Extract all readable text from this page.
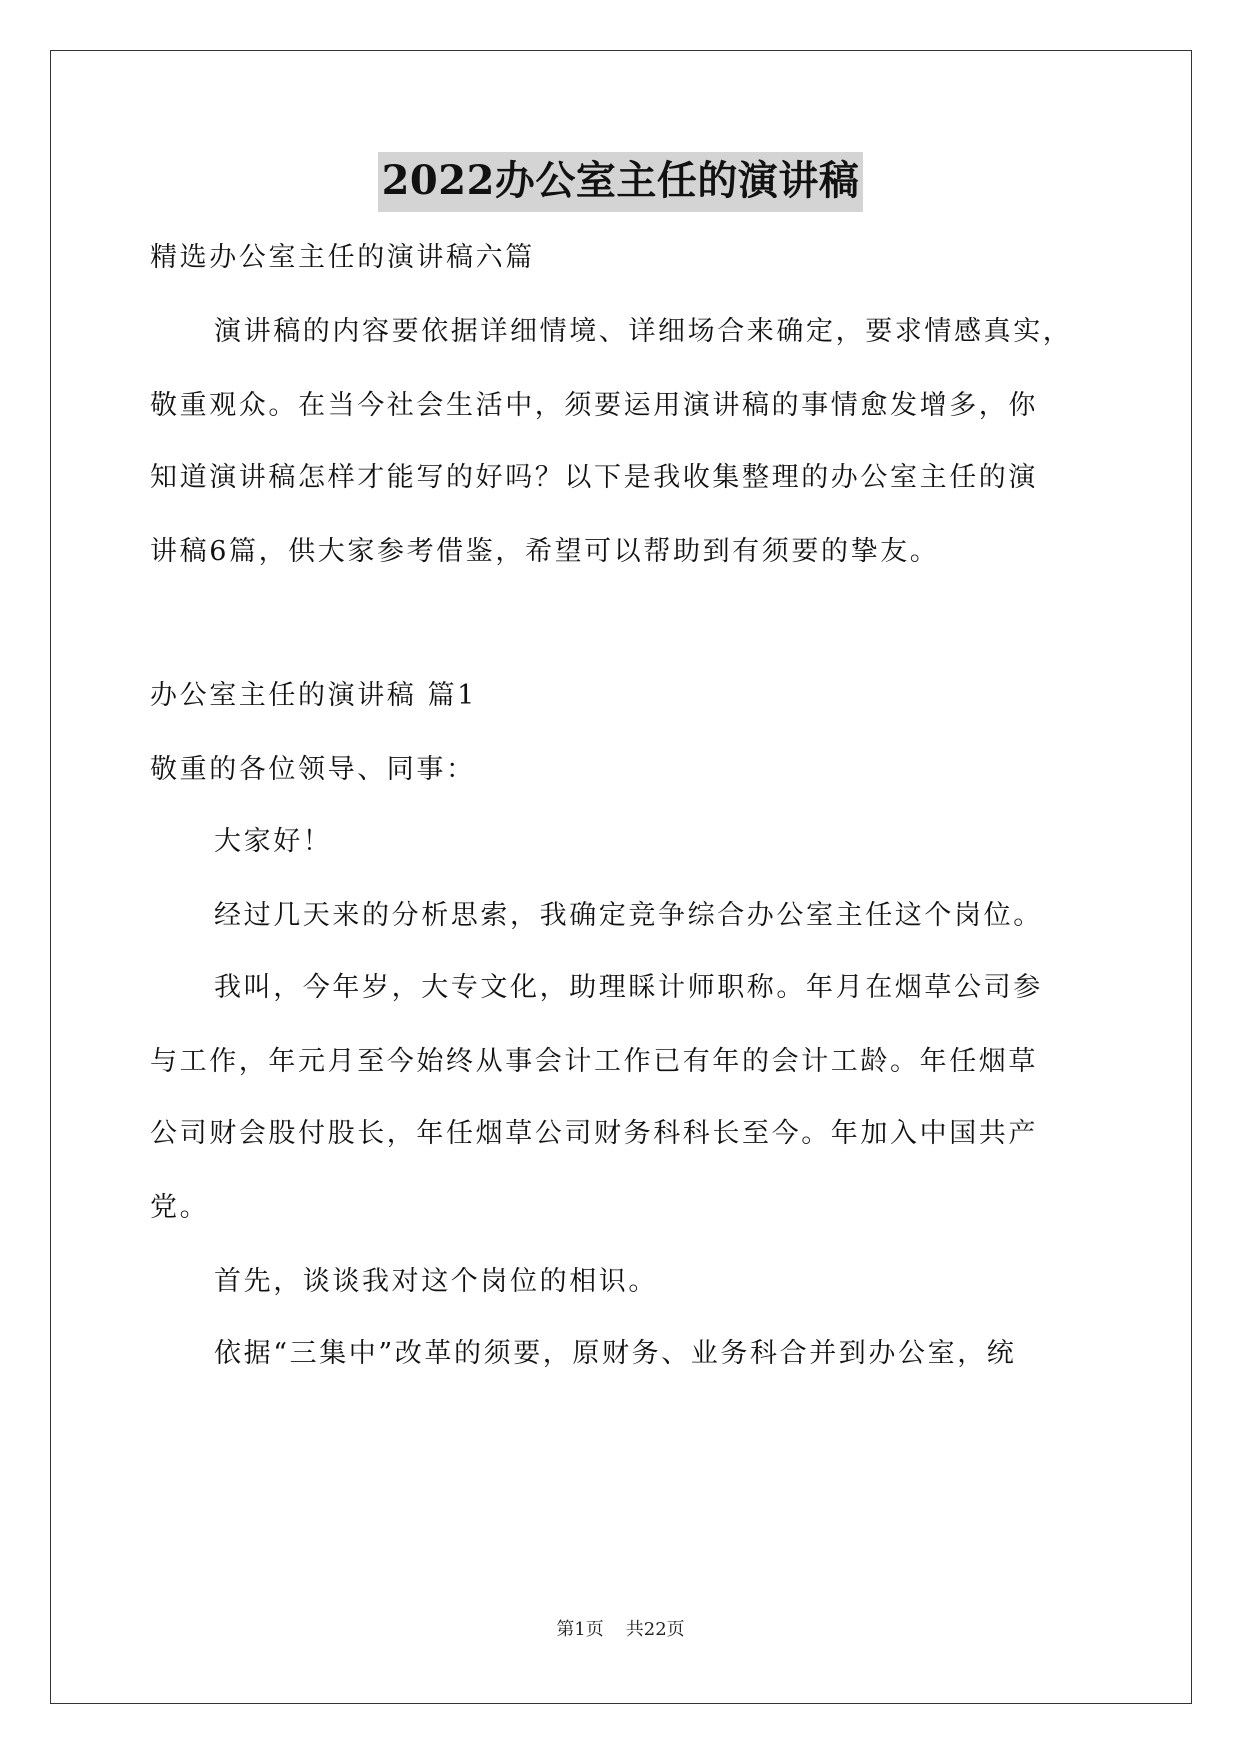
2022办公室主任的演讲稿
精选办公室主任的演讲稿六篇
演讲稿的内容要依据详细情境、详细场合来确定，要求情感真实，
敬重观众。在当今社会生活中，须要运用演讲稿的事情愈发增多，你
知道演讲稿怎样才能写的好吗？以下是我收集整理的办公室主任的演
讲稿6篇，供大家参考借鉴，希望可以帮助到有须要的挚友。
办公室主任的演讲稿 篇1
敬重的各位领导、同事：
大家好！
经过几天来的分析思索，我确定竞争综合办公室主任这个岗位。
我叫，今年岁，大专文化，助理睬计师职称。年月在烟草公司参
与工作，年元月至今始终从事会计工作已有年的会计工龄。年任烟草
公司财会股付股长，年任烟草公司财务科科长至今。年加入中国共产
党。
首先，谈谈我对这个岗位的相识。
依据“三集中”改革的须要，原财务、业务科合并到办公室，统
第1页 共22页
